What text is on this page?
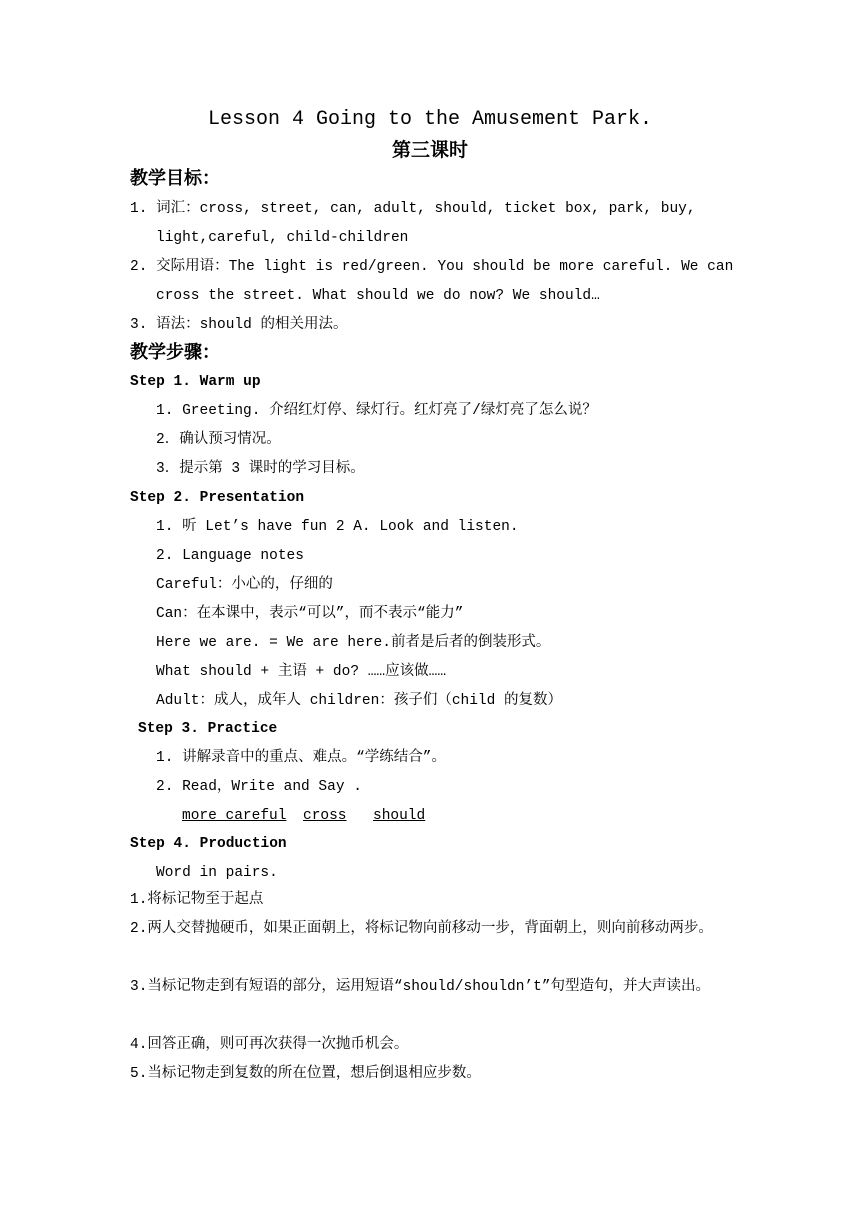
Lesson 4 Going to the Amusement Park.
第三课时
教学目标：
1. 词汇：cross, street, can, adult, should, ticket box, park, buy,
light,careful, child-children
2. 交际用语：The light is red/green. You should be more careful. We can
cross the street. What should we do now? We should…
3. 语法：should 的相关用法。
教学步骤：
Step 1. Warm up
1. Greeting. 介绍红灯停、绿灯行。红灯亮了/绿灯亮了怎么说？
2．确认预习情况。
3．提示第 3 课时的学习目标。
Step 2. Presentation
1. 听 Let’s have fun 2 A. Look and listen.
2. Language notes
Careful：小心的，仔细的
Can：在本课中，表示“可以”，而不表示“能力”
Here we are. = We are here.前者是后者的倒装形式。
What should + 主语 + do? ……应该做……
Adult：成人，成年人 children：孩子们（child 的复数）
Step 3. Practice
1. 讲解录音中的重点、难点。“学练结合”。
2. Read，Write and Say .
more careful cross should
Step 4. Production
Word in pairs.
1.将标记物至于起点
2.两人交替抛硬币，如果正面朝上，将标记物向前移动一步，背面朝上，则向前移动两步。
3.当标记物走到有短语的部分，运用短语“should/shouldn’t”句型造句，并大声读出。
4.回答正确，则可再次获得一次抛币机会。
5.当标记物走到复数的所在位置，想后倒退相应步数。
